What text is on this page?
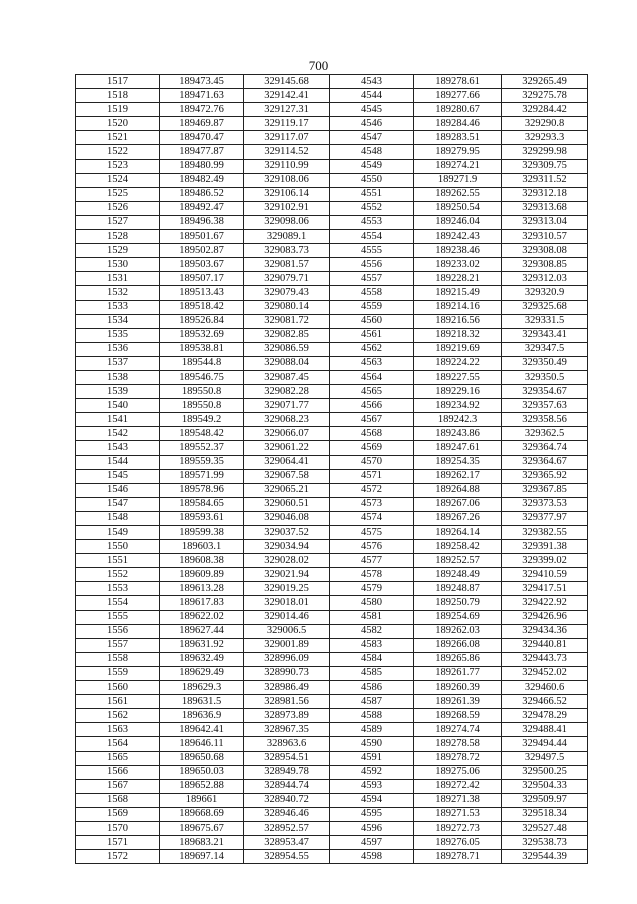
700
1517	189473.45	329145.68	4543	189278.61	329265.49
1518	189471.63	329142.41	4544	189277.66	329275.78
1519	189472.76	329127.31	4545	189280.67	329284.42
1520	189469.87	329119.17	4546	189284.46	329290.8
1521	189470.47	329117.07	4547	189283.51	329293.3
1522	189477.87	329114.52	4548	189279.95	329299.98
1523	189480.99	329110.99	4549	189274.21	329309.75
1524	189482.49	329108.06	4550	189271.9	329311.52
1525	189486.52	329106.14	4551	189262.55	329312.18
1526	189492.47	329102.91	4552	189250.54	329313.68
1527	189496.38	329098.06	4553	189246.04	329313.04
1528	189501.67	329089.1	4554	189242.43	329310.57
1529	189502.87	329083.73	4555	189238.46	329308.08
1530	189503.67	329081.57	4556	189233.02	329308.85
1531	189507.17	329079.71	4557	189228.21	329312.03
1532	189513.43	329079.43	4558	189215.49	329320.9
1533	189518.42	329080.14	4559	189214.16	329325.68
1534	189526.84	329081.72	4560	189216.56	329331.5
1535	189532.69	329082.85	4561	189218.32	329343.41
1536	189538.81	329086.59	4562	189219.69	329347.5
1537	189544.8	329088.04	4563	189224.22	329350.49
1538	189546.75	329087.45	4564	189227.55	329350.5
1539	189550.8	329082.28	4565	189229.16	329354.67
1540	189550.8	329071.77	4566	189234.92	329357.63
1541	189549.2	329068.23	4567	189242.3	329358.56
1542	189548.42	329066.07	4568	189243.86	329362.5
1543	189552.37	329061.22	4569	189247.61	329364.74
1544	189559.35	329064.41	4570	189254.35	329364.67
1545	189571.99	329067.58	4571	189262.17	329365.92
1546	189578.96	329065.21	4572	189264.88	329367.85
1547	189584.65	329060.51	4573	189267.06	329373.53
1548	189593.61	329046.08	4574	189267.26	329377.97
1549	189599.38	329037.52	4575	189264.14	329382.55
1550	189603.1	329034.94	4576	189258.42	329391.38
1551	189608.38	329028.02	4577	189252.57	329399.02
1552	189609.89	329021.94	4578	189248.49	329410.59
1553	189613.28	329019.25	4579	189248.87	329417.51
1554	189617.83	329018.01	4580	189250.79	329422.92
1555	189622.02	329014.46	4581	189254.69	329426.96
1556	189627.44	329006.5	4582	189262.03	329434.36
1557	189631.92	329001.89	4583	189266.08	329440.81
1558	189632.49	328996.09	4584	189265.86	329443.73
1559	189629.49	328990.73	4585	189261.77	329452.02
1560	189629.3	328986.49	4586	189260.39	329460.6
1561	189631.5	328981.56	4587	189261.39	329466.52
1562	189636.9	328973.89	4588	189268.59	329478.29
1563	189642.41	328967.35	4589	189274.74	329488.41
1564	189646.11	328963.6	4590	189278.58	329494.44
1565	189650.68	328954.51	4591	189278.72	329497.5
1566	189650.03	328949.78	4592	189275.06	329500.25
1567	189652.88	328944.74	4593	189272.42	329504.33
1568	189661	328940.72	4594	189271.38	329509.97
1569	189668.69	328946.46	4595	189271.53	329518.34
1570	189675.67	328952.57	4596	189272.73	329527.48
1571	189683.21	328953.47	4597	189276.05	329538.73
1572	189697.14	328954.55	4598	189278.71	329544.39
